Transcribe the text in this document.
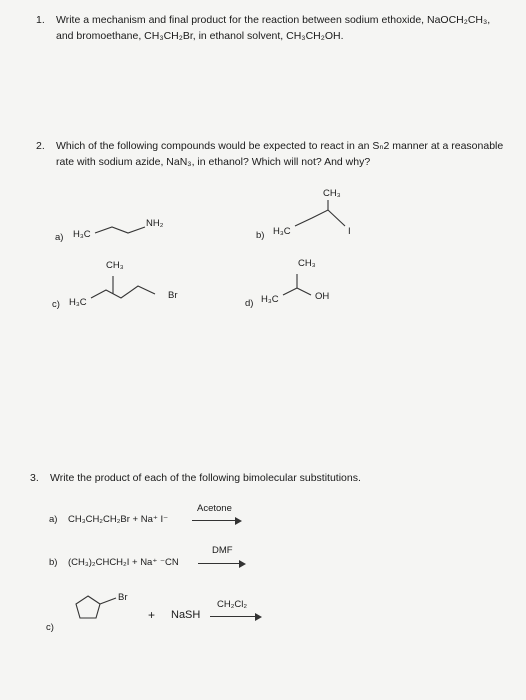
1. Write a mechanism and final product for the reaction between sodium ethoxide, NaOCH₂CH₃,
and bromoethane, CH₃CH₂Br, in ethanol solvent, CH₃CH₂OH.
2. Which of the following compounds would be expected to react in an Sₙ2 manner at a reasonable
rate with sodium azide, NaN₃, in ethanol? Which will not? And why?
a) H₃C
NH₂
b) H₃C
CH₃
I
c) H₃C
CH₃
Br
d) H₃C
CH₃
OH
3. Write the product of each of the following bimolecular substitutions.
a) CH₃CH₂CH₂Br + Na⁺ I⁻
Acetone
b) (CH₃)₂CHCH₂I + Na⁺ ⁻CN
DMF
c)
Br
+ NaSH
CH₂Cl₂
